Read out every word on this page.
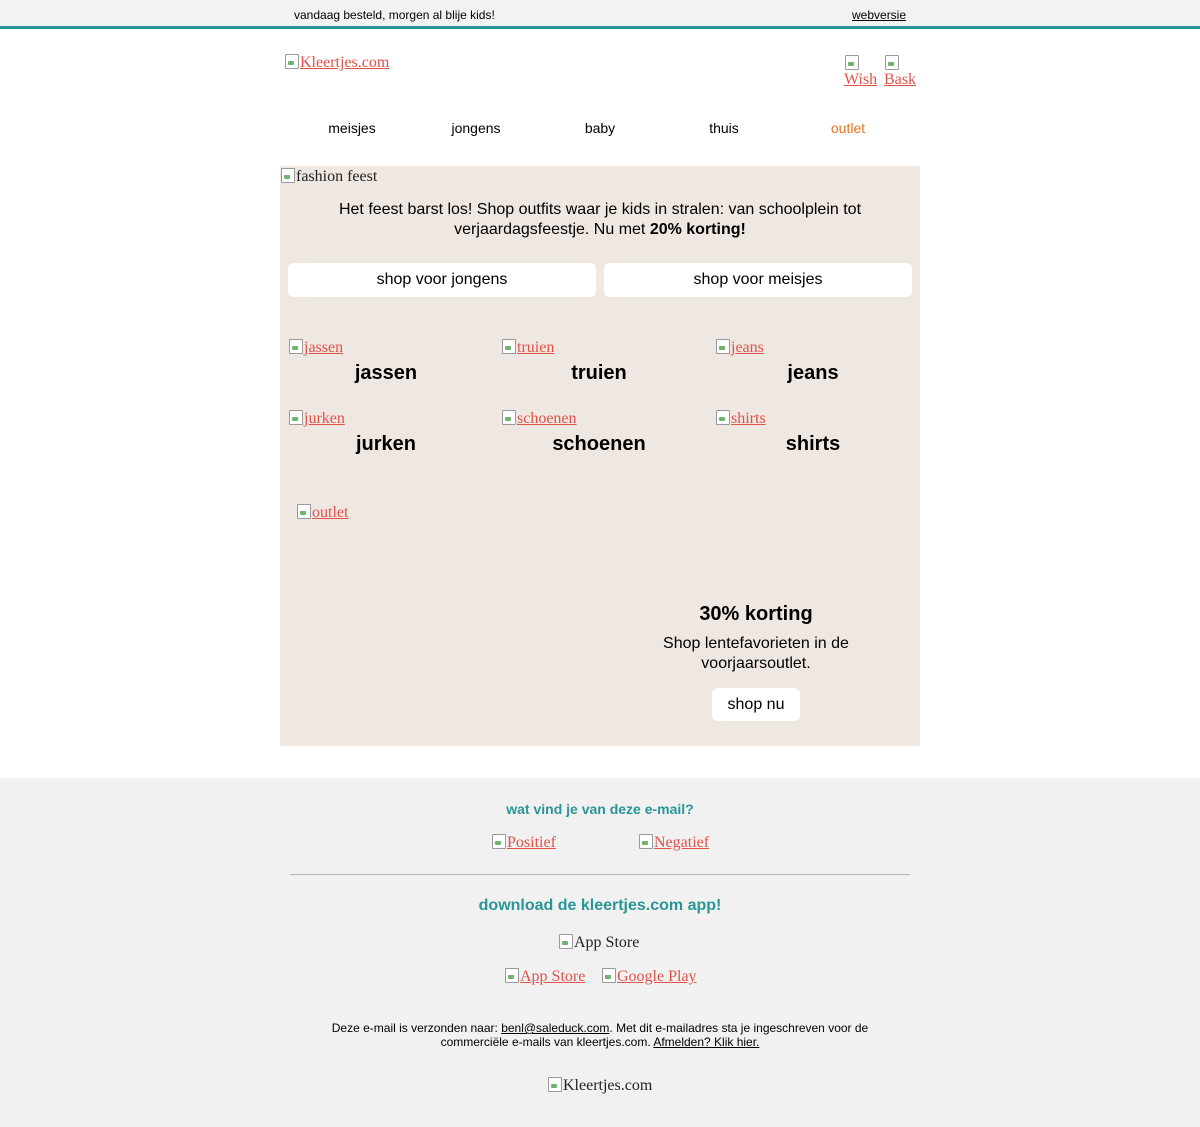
vandaag besteld, morgen al blije kids!	webversie
Kleertjes.com

Wish Bask
meisjes	jongens	baby	thuis	outlet
fashion feest
Het feest barst los! Shop outfits waar je kids in stralen: van schoolplein tot verjaardagsfeestje. Nu met 20% korting!
shop voor jongens	shop voor meisjes
jassen
jassen
truien
truien
jeans
jeans
jurken
jurken
schoenen
schoenen
shirts
shirts
outlet
30% korting
Shop lentefavorieten in de voorjaarsoutlet.
shop nu
wat vind je van deze e-mail?
Positief	Negatief
download de kleertjes.com app!
App Store
App Store	Google Play
Deze e-mail is verzonden naar: benl@saleduck.com. Met dit e-mailadres sta je ingeschreven voor de commerciële e-mails van kleertjes.com. Afmelden? Klik hier.
Kleertjes.com
